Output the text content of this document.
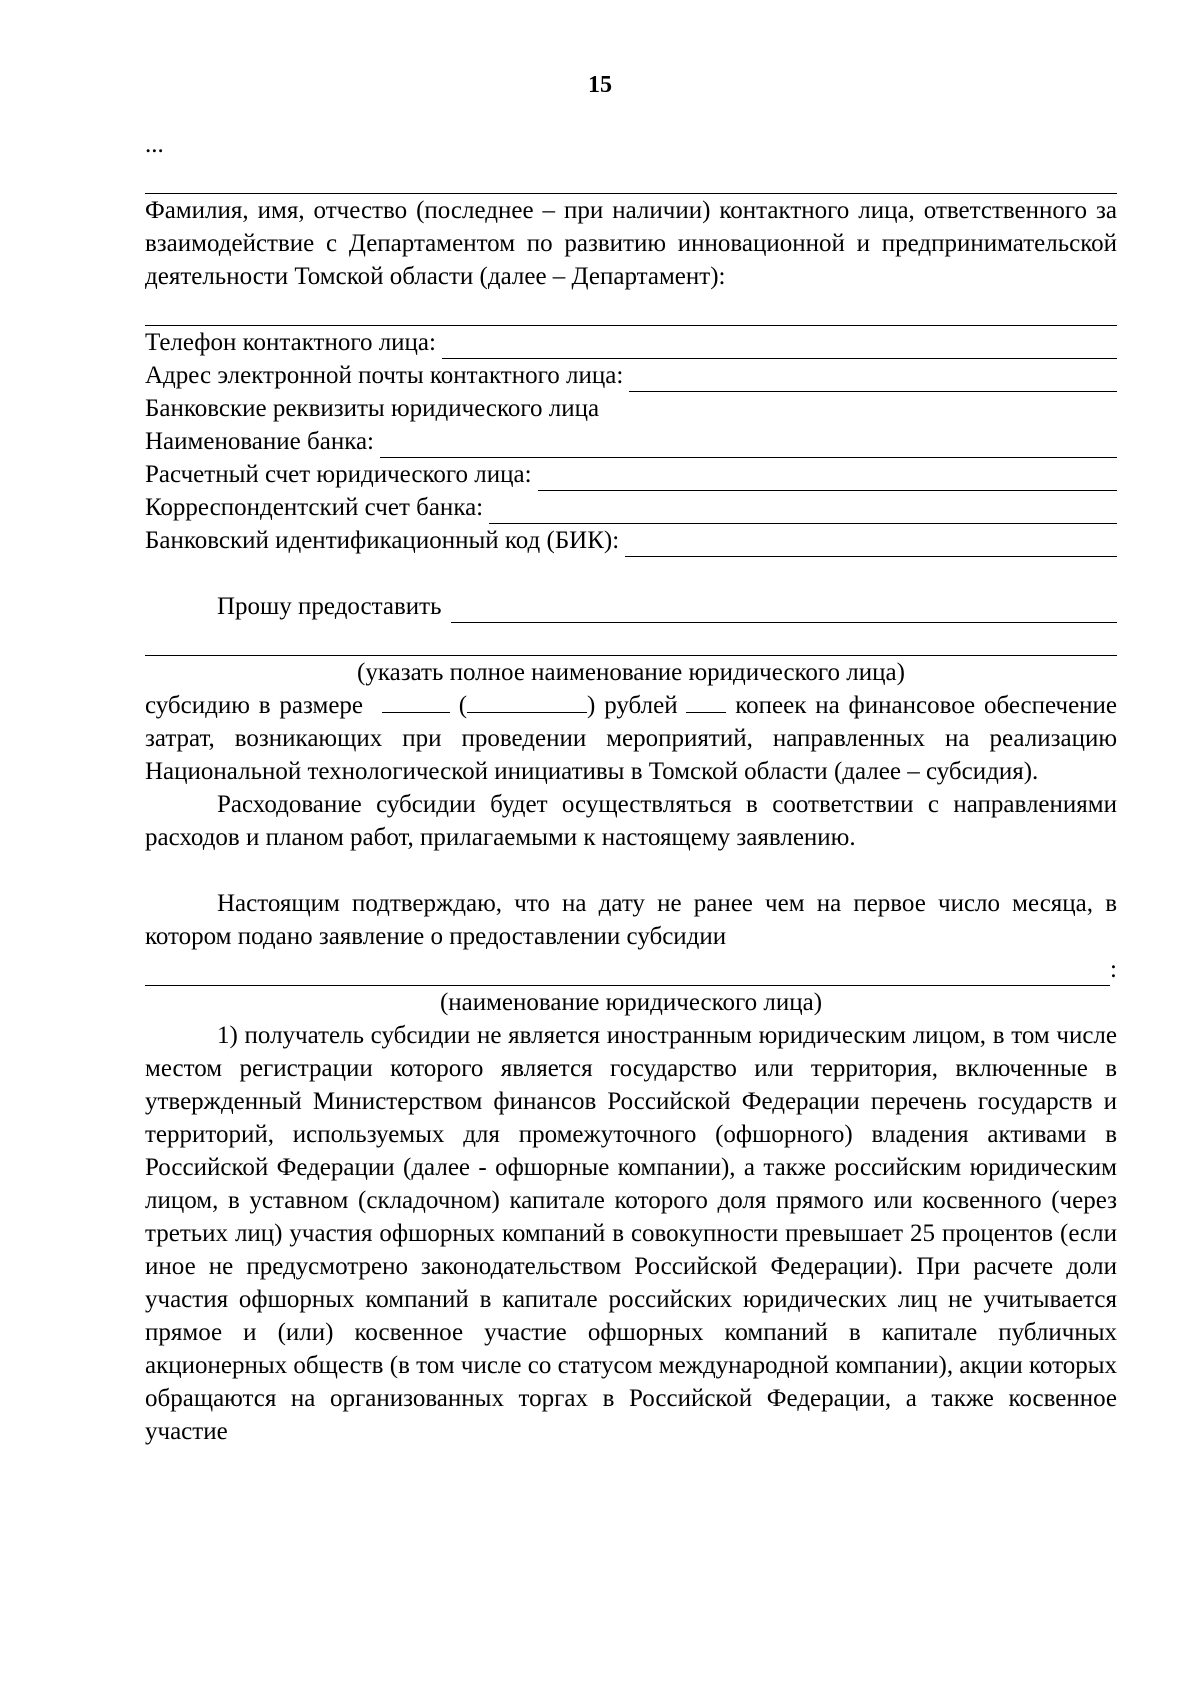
15
...

Фамилия, имя, отчество (последнее – при наличии) контактного лица, ответственного за взаимодействие с Департаментом по развитию инновационной и предпринимательской деятельности Томской области (далее – Департамент):

Телефон контактного лица:
Адрес электронной почты контактного лица:
Банковские реквизиты юридического лица
Наименование банка:
Расчетный счет юридического лица:
Корреспондентский счет банка:
Банковский идентификационный код (БИК):
Прошу предоставить
(указать полное наименование юридического лица)

субсидию в размере	(	) рублей копеек на финансовое обеспечение затрат, возникающих при проведении мероприятий, направленных на реализацию Национальной технологической инициативы в Томской области (далее – субсидия).

Расходование субсидии будет осуществляться в соответствии с направлениями расходов и планом работ, прилагаемыми к настоящему заявлению.

Настоящим подтверждаю, что на дату не ранее чем на первое число месяца, в котором подано заявление о предоставлении субсидии

:
(наименование юридического лица)

1) получатель субсидии не является иностранным юридическим лицом, в том числе местом регистрации которого является государство или территория, включенные в утвержденный Министерством финансов Российской Федерации перечень государств и территорий, используемых для промежуточного (офшорного) владения активами в Российской Федерации (далее - офшорные компании), а также российским юридическим лицом, в уставном (складочном) капитале которого доля прямого или косвенного (через третьих лиц) участия офшорных компаний в совокупности превышает 25 процентов (если иное не предусмотрено законодательством Российской Федерации). При расчете доли участия офшорных компаний в капитале российских юридических лиц не учитывается прямое и (или) косвенное участие офшорных компаний в капитале публичных акционерных обществ (в том числе со статусом международной компании), акции которых обращаются на организованных торгах в Российской Федерации, а также косвенное участие
